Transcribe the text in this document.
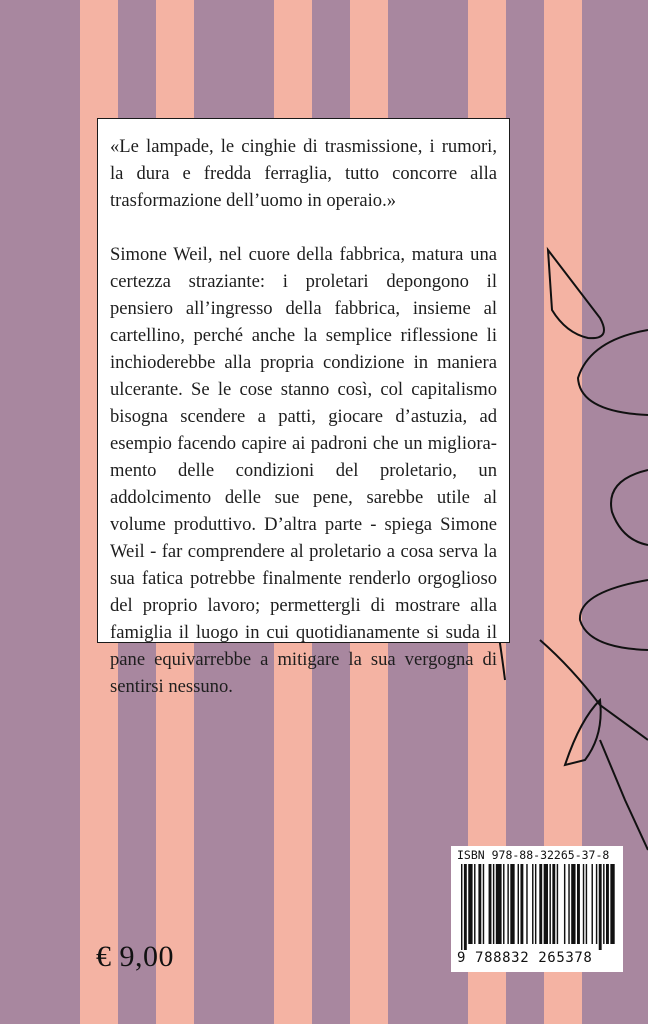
«Le lampade, le cinghie di trasmissione, i rumori, la dura e fredda ferraglia, tutto concorre alla trasformazione dell’uomo in operaio.»

Simone Weil, nel cuore della fabbrica, matura una certezza straziante: i proletari depongono il pensiero all’ingresso della fabbrica, insieme al cartellino, perché anche la semplice riflessione li inchioderebbe alla propria condizione in maniera ulcerante. Se le cose stanno così, col capitalismo bisogna scendere a patti, giocare d’astuzia, ad esempio facendo capire ai padroni che un miglioramento delle condizioni del proletario, un addolcimento delle sue pene, sarebbe utile al volume produttivo. D’altra parte - spiega Simone Weil - far comprendere al proletario a cosa serva la sua fatica potrebbe finalmente renderlo orgoglioso del proprio lavoro; permettergli di mostrare alla famiglia il luogo in cui quotidianamente si suda il pane equivarrebbe a mitigare la sua vergogna di sentirsi nessuno.

€ 9,00
ISBN 978-88-32265-37-8
9 788832 265378
